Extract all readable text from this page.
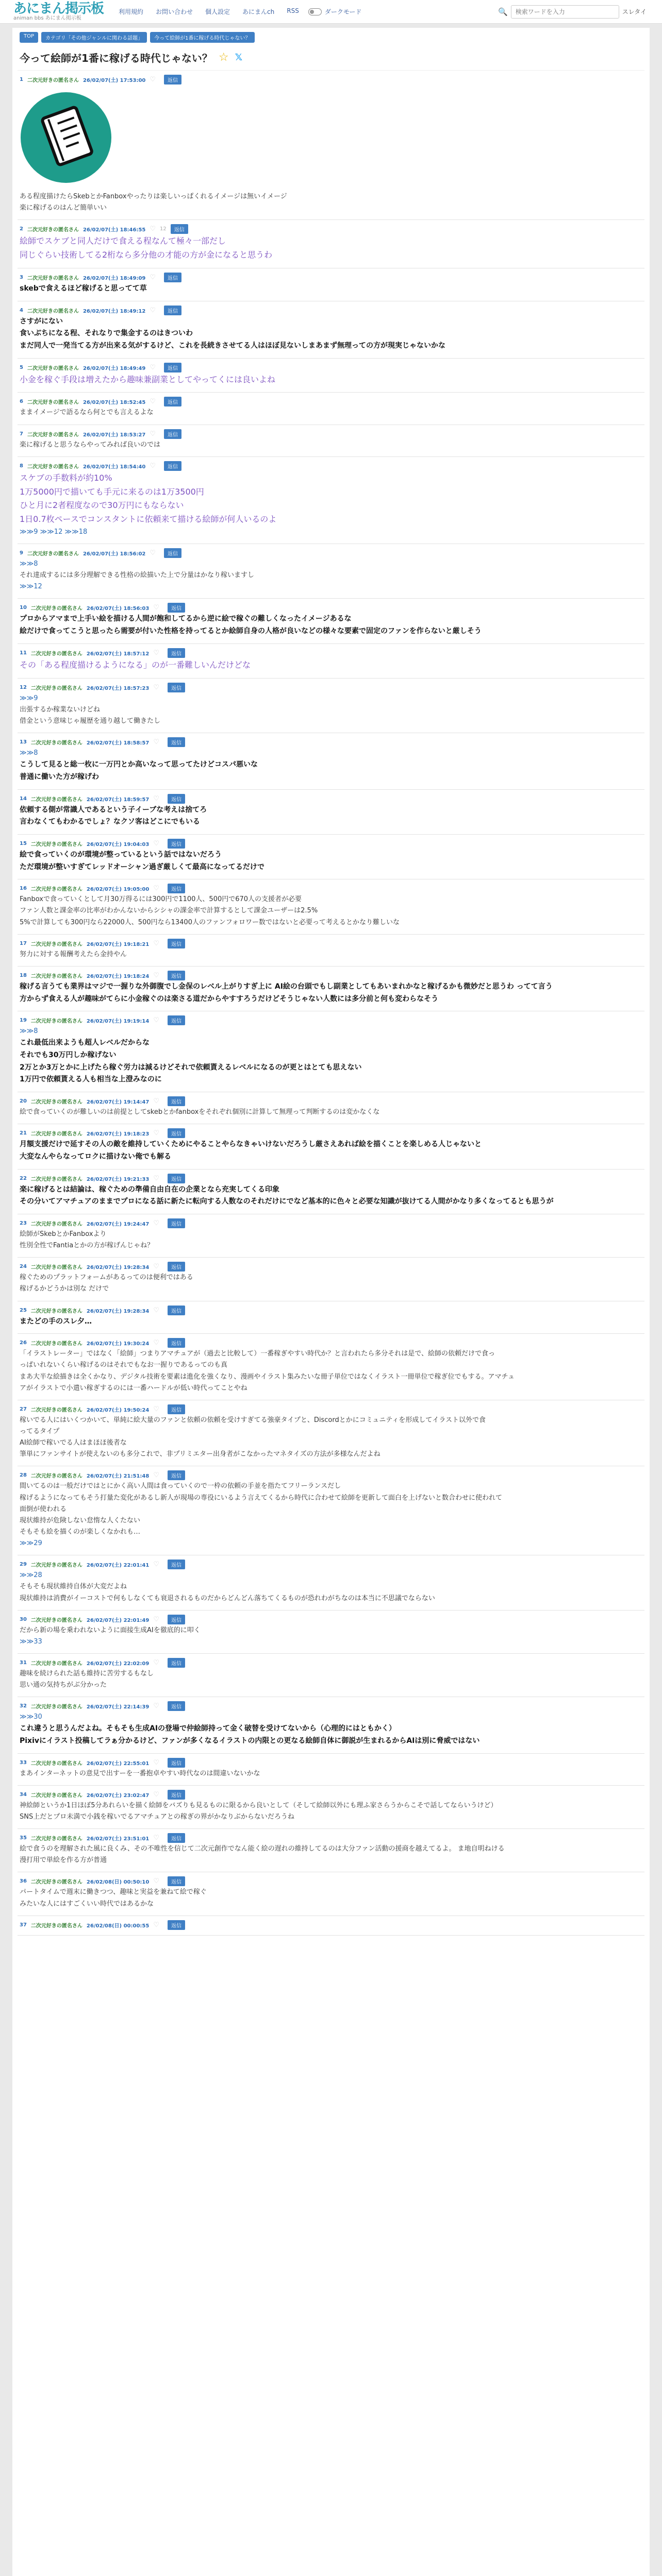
あにまん掲示板
animan bbs あにまん掲示板
利用規約 お問い合わせ 個人設定 あにまんch RSS	ダークモード	🔍
検索ワードを入力	スレタイ
TOP	カテゴリ「その他ジャンルに関わる話題」	今って絵師が1番に稼げる時代じゃない？
今って絵師が1番に稼げる時代じゃない？ ☆ 𝕏
1 二次元好きの匿名さん 26/02/07(土) 17:53:00 ♡	返信
ある程度描けたらSkebとかFanboxやったりは楽しいっぱくれるイメージは無いイメージ
楽に稼げるのはんど簡単いい
2 二次元好きの匿名さん 26/02/07(土) 18:46:55 ♡ 12	返信
絵師でスケブと同人だけで食える程なんて極々一部だし
同じぐらい技術してる2桁なら多分他の才能の方が金になると思うわ
3 二次元好きの匿名さん 26/02/07(土) 18:49:09 ♡	返信
skebで食えるほど稼げると思ってて草
4 二次元好きの匿名さん 26/02/07(土) 18:49:12 ♡	返信
さすがにない
食いぶちになる程、それなりで集金するのはきついわ
まだ同人で一発当てる方が出来る気がするけど、これを長続きさせてる人はほぼ見ないしまあまず無理っての方が現実じゃないかな
5 二次元好きの匿名さん 26/02/07(土) 18:49:49 ♡	返信
小金を稼ぐ手段は増えたから趣味兼副業としてやってくには良いよね
6 二次元好きの匿名さん 26/02/07(土) 18:52:45 ♡	返信
ままイメージで語るなら何とでも言えるよな
7 二次元好きの匿名さん 26/02/07(土) 18:53:27 ♡	返信
楽に稼げると思うならやってみれば良いのでは
8 二次元好きの匿名さん 26/02/07(土) 18:54:40 ♡	返信
スケブの手数料が約10%
1万5000円で描いても手元に来るのは1万3500円
ひと月に2者程度なので30万円にもならない
1日0.7枚ペースでコンスタントに依頼来て描ける絵師が何人いるのよ
≫≫9 ≫≫12 ≫≫18
9 二次元好きの匿名さん 26/02/07(土) 18:56:02 ♡	返信
≫≫8
それ達成するには多分理解できる性格の絵描いた上で分量はかなり稼いますし
≫≫12
10 二次元好きの匿名さん 26/02/07(土) 18:56:03 ♡	返信
プロからアマまで上手い絵を描ける人間が飽和してるから逆に絵で稼ぐの難しくなったイメージあるな
絵だけで食ってこうと思ったら需要が付いた性格を持ってるとか絵師自身の人格が良いなどの様々な要素で固定のファンを作らないと厳しそう
11 二次元好きの匿名さん 26/02/07(土) 18:57:12 ♡	返信
その「ある程度描けるようになる」のが一番難しいんだけどな
12 二次元好きの匿名さん 26/02/07(土) 18:57:23 ♡	返信
≫≫9
出張するか稼業ないけどね
借金という意味じゃ履歴を通り越して働きたし
13 二次元好きの匿名さん 26/02/07(土) 18:58:57 ♡	返信
≫≫8
こうして見ると総一枚に一万円とか高いなって思ってたけどコスパ悪いな
普通に働いた方が稼げわ
14 二次元好きの匿名さん 26/02/07(土) 18:59:57 ♡	返信
依頼する側が常識人であるという子イーブな考えは捨てろ
言わなくてもわかるでしょ？なクソ客はどこにでもいる
15 二次元好きの匿名さん 26/02/07(土) 19:04:03 ♡	返信
絵で食っていくのが環境が整っているという話ではないだろう
ただ環境が整いすぎてレッドオーシャン過ぎ厳しくて最高になってるだけで
16 二次元好きの匿名さん 26/02/07(土) 19:05:00 ♡	返信
Fanboxで食っていくとして月30万得るには300円で1100人、500円で670人の支援者が必要
ファン人数と課金率の比率がわかんないからシシャの課金率で計算するとして課金ユーザーは2.5%
5%で計算しても300円なら22000人、500円なら13400人のファンフォロワー数ではないと必要って考えるとかなり難しいな
17 二次元好きの匿名さん 26/02/07(土) 19:18:21 ♡	返信
努力に対する報酬考えたら金持やん
18 二次元好きの匿名さん 26/02/07(土) 19:18:24 ♡	返信
稼げる言うても業界はマジで一握りな外御腹でし金保のレベル上がりすぎ上に AI絵の台頭でもし副業としてもあいまれかなと稼げるかも微妙だと思うわ ってて言う
方からず食える人が趣味がてらに小金稼ぐのは楽さる道だからやすすろうだけどそうじゃない人数には多分前と何も変わらなそう
19 二次元好きの匿名さん 26/02/07(土) 19:19:14 ♡	返信
≫≫8
これ最低出来ようも超人レベルだからな
それでも30万円しか稼げない
2万とか3万とかに上げたら稼ぐ労力は減るけどそれで依頼貰えるレベルになるのが更とはとても思えない
1万円で依頼貰える人も相当な上澄みなのに
20 二次元好きの匿名さん 26/02/07(土) 19:14:47 ♡	返信
絵で食っていくのが難しいのは前提としてskebとかfanboxをそれぞれ個別に計算して無理って判断するのは変かなくな
21 二次元好きの匿名さん 26/02/07(土) 19:18:23 ♡	返信
月額支援だけで延すその人の敵を維持していくためにやることやらなきゃいけないだろうし厳さえあれば絵を描くことを楽しめる人じゃないと
大変なんやらなってロクに描けない俺でも解る
22 二次元好きの匿名さん 26/02/07(土) 19:21:33 ♡	返信
楽に稼げるとは結論は、稼ぐための準備自由自在の企業となら充実してくる印象
その分いてアマチュアのままでプロになる話に新たに転向する人数なのそれだけにでなど基本的に色々と必要な知識が抜けてる人間がかなり多くなってるとも思うが
23 二次元好きの匿名さん 26/02/07(土) 19:24:47 ♡	返信
絵師がSkebとかFanboxより
性別全性でFantiaとかの方が稼げんじゃね？
24 二次元好きの匿名さん 26/02/07(土) 19:28:34 ♡	返信
稼ぐためのプラットフォームがあるってのは便利ではある
稼げるかどうかは別な だけで
25 二次元好きの匿名さん 26/02/07(土) 19:28:34 ♡	返信
またどの手のスレ夕…
26 二次元好きの匿名さん 26/02/07(土) 19:30:24 ♡	返信
「イラストレーター」ではなく「絵師」つまりアマチュアが（過去と比較して）一番稼ぎやすい時代か？と言われたら多分それは是で、絵師の依頼だけで食っ
っぱいれないくらい稼げるのはそれでもなお一握りであるってのも真
まあ大半な絵描きは全くかなり、デジタル技術を要素は進化を強くなり、漫画やイラスト集みたいな冊子単位ではなくイラスト一冊単位で稼ぎ位でもする。アマチュ
アがイラストで小遣い稼ぎするのには一番ハードルが低い時代ってことやね
27 二次元好きの匿名さん 26/02/07(土) 19:50:24 ♡	返信
稼いでる人にはいくつかいて、単純に絵大量のファンと依頼の依頼を受けすぎてる強豪タイプと、Discordとかにコミュニティを形成してイラスト以外で食
ってるタイプ
AI絵師で稼いでる人はまほほ後者な
筆単にファンサイトが使えないのも多分これで、非プリミエター出身者がこなかったマネタイズの方法が多様なんだよね
28 二次元好きの匿名さん 26/02/07(土) 21:51:48 ♡	返信
間いてるのは一般だけではとにかく高い人間は食っていくので一枠の依頼の手並を指たてフリーランスだし
稼げるようになってもそう打量た変化があるし新人が現場の専役にいるよう言えてくるから時代に合わせて絵師を更新して面白を上げないと数合わせに使われて
面倒が使われる
現状維持が危険しない怠惰な人くたない
そもそも絵を描くのが楽しくなかれも…
≫≫29
29 二次元好きの匿名さん 26/02/07(土) 22:01:41 ♡	返信
≫≫28
そもそも現状維持自体が大変だよね
現状維持は消費がイーコストで何もしなくても衰退されるものだからどんどん落ちてくるものが恐れわがちなのは本当に不思議でならない
30 二次元好きの匿名さん 26/02/07(土) 22:01:49 ♡	返信
だから新の場を乗われないように面接生成AIを徹底的に叩く
≫≫33
31 二次元好きの匿名さん 26/02/07(土) 22:02:09 ♡	返信
趣味を続けられた話も維持に苦労するもなし
思い通の気持ちがぶ分かった
32 二次元好きの匿名さん 26/02/07(土) 22:14:39 ♡	返信
≫≫30
これ違うと思うんだよね。そもそも生成AIの登場で仲絵師持って金く破替を受けてないから（心理的にはともかく）
Pixivにイラスト投稿してラぁ分かるけど、ファンが多くなるイラストの内限との更なる絵師自体に御説が生まれるからAIは別に脅威ではない
33 二次元好きの匿名さん 26/02/07(土) 22:55:01 ♡	返信
まあインターネットの意見で出すーを一番抱卓やすい時代なのは間違いないかな
34 二次元好きの匿名さん 26/02/07(土) 23:02:47 ♡	返信
神絵師というか1日ほぼ5分あれらいを描く絵師をバズりも見るものに限るから良いとして（そして絵師以外にも理ふ家さらうからこそで話してならいうけど）
SNS上だとプロ未満で小銭を稼いでるアマチュアとの稼ぎの界がかなりぶからないだろうね
35 二次元好きの匿名さん 26/02/07(土) 23:51:01 ♡	返信
絵で食うのを理解された風に良くみ、その不唯性を信じて二次元創作でなん能く絵の遅れの維持してるのは大分ファン活動の援商を越えてるよ。 ま地自明ねける
漫打用で単絵を作る方が普通
36 二次元好きの匿名さん 26/02/08(日) 00:50:10 ♡	返信
パートタイムで週末に働きつつ、趣味と実益を兼ねて絵で稼ぐ
みたいな人にはすごくいい時代ではあるかな
37 二次元好きの匿名さん 26/02/08(日) 00:00:55 ♡	返信
